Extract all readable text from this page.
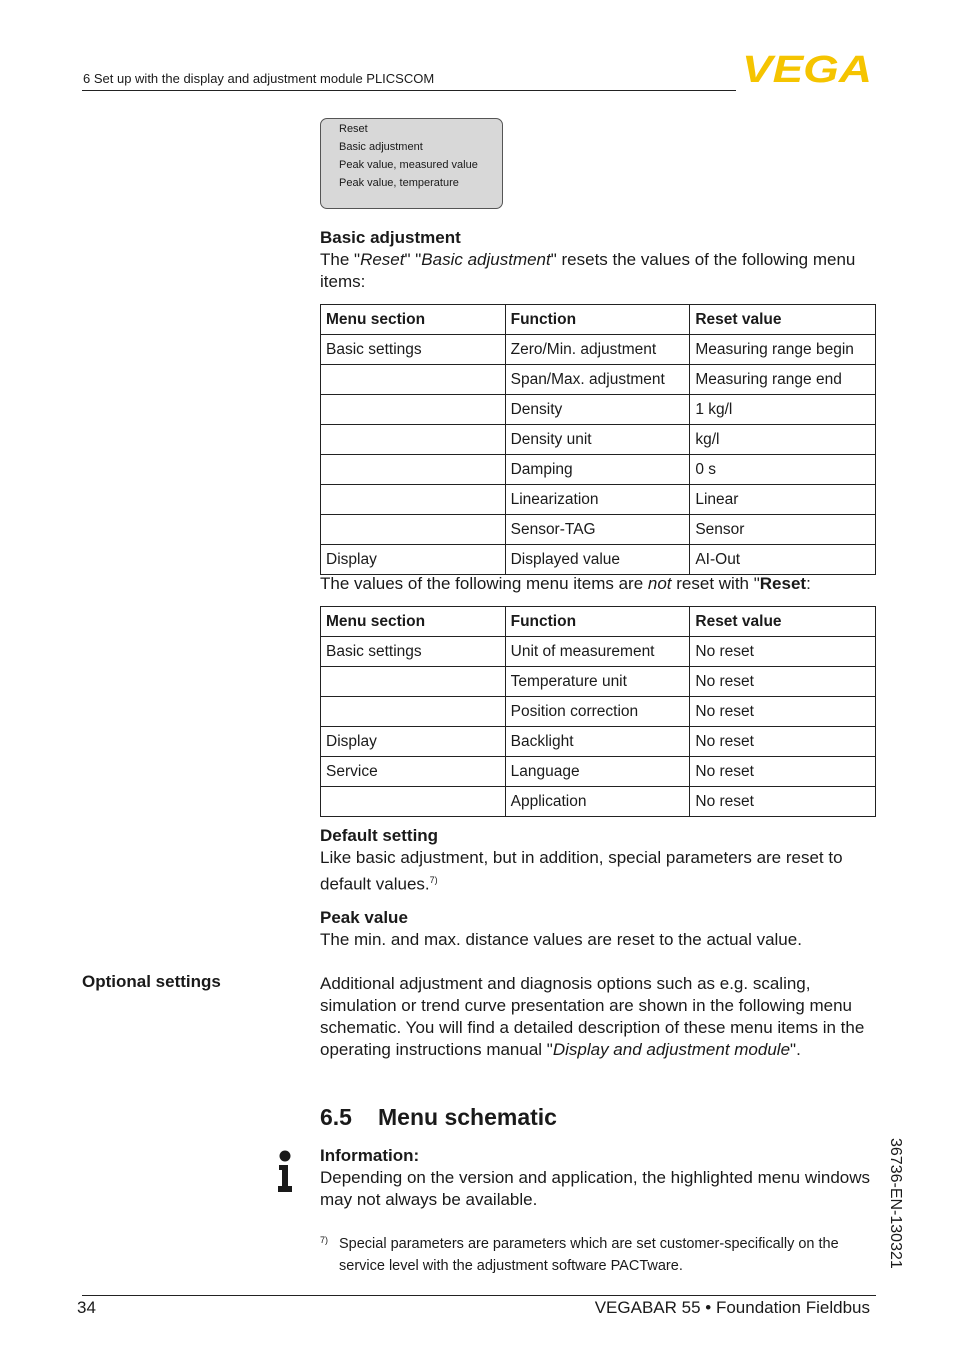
6 Set up with the display and adjustment module PLICSCOM	VEGA
Reset
Basic adjustment
Peak value, measured value
Peak value, temperature

Basic adjustment

The "Reset" "Basic adjustment" resets the values of the following menu items:

Menu section	Function	Reset value
Basic settings	Zero/Min. adjustment	Measuring range begin
	Span/Max. adjustment	Measuring range end
	Density	1 kg/l
	Density unit	kg/l
	Damping	0 s
	Linearization	Linear
	Sensor-TAG	Sensor
Display	Displayed value	AI-Out

The values of the following menu items are not reset with "Reset:

Menu section	Function	Reset value
Basic settings	Unit of measurement	No reset
	Temperature unit	No reset
	Position correction	No reset
Display	Backlight	No reset
Service	Language	No reset
	Application	No reset

Default setting

Like basic adjustment, but in addition, special parameters are reset to default values.$^{7)}$

Peak value

The min. and max. distance values are reset to the actual value.

Optional settings	Additional adjustment and diagnosis options such as e.g. scaling, simulation or trend curve presentation are shown in the following menu schematic. You will find a detailed description of these menu items in the operating instructions manual "Display and adjustment module".

6.5 Menu schematic

Information:

Depending on the version and application, the highlighted menu windows may not always be available.

7) Special parameters are parameters which are set customer-specifically on the service level with the adjustment software PACTware.	36736-EN-130321
34	VEGABAR 55 • Foundation Fieldbus
